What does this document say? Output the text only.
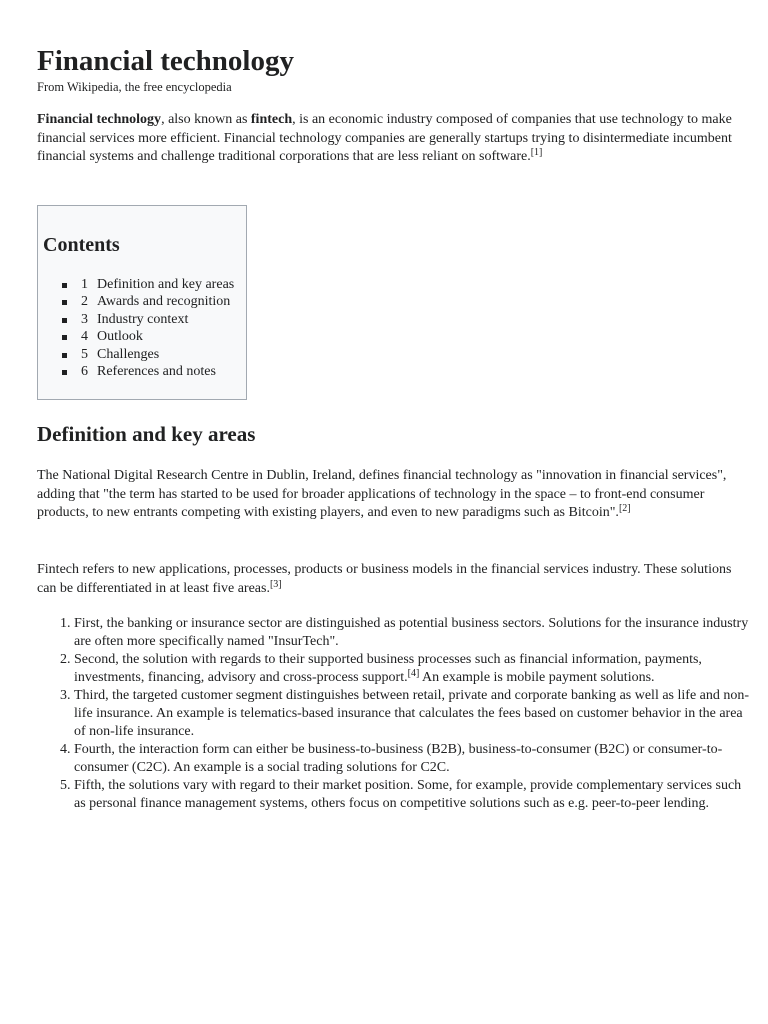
Financial technology
From Wikipedia, the free encyclopedia

Financial technology, also known as fintech, is an economic industry composed of companies that use technology to make financial services more efficient. Financial technology companies are generally startups trying to disintermediate incumbent financial systems and challenge traditional corporations that are less reliant on software.[1]

Contents
1 Definition and key areas
2 Awards and recognition
3 Industry context
4 Outlook
5 Challenges
6 References and notes
Definition and key areas

The National Digital Research Centre in Dublin, Ireland, defines financial technology as "innovation in financial services", adding that "the term has started to be used for broader applications of technology in the space – to front-end consumer products, to new entrants competing with existing players, and even to new paradigms such as Bitcoin".[2]

Fintech refers to new applications, processes, products or business models in the financial services industry. These solutions can be differentiated in at least five areas.[3]

1. First, the banking or insurance sector are distinguished as potential business sectors. Solutions for the insurance industry are often more specifically named "InsurTech".
2. Second, the solution with regards to their supported business processes such as financial information, payments, investments, financing, advisory and cross-process support.[4] An example is mobile payment solutions.
3. Third, the targeted customer segment distinguishes between retail, private and corporate banking as well as life and non-life insurance. An example is telematics-based insurance that calculates the fees based on customer behavior in the area of non-life insurance.
4. Fourth, the interaction form can either be business-to-business (B2B), business-to-consumer (B2C) or consumer-to-consumer (C2C). An example is a social trading solutions for C2C.
5. Fifth, the solutions vary with regard to their market position. Some, for example, provide complementary services such as personal finance management systems, others focus on competitive solutions such as e.g. peer-to-peer lending.
